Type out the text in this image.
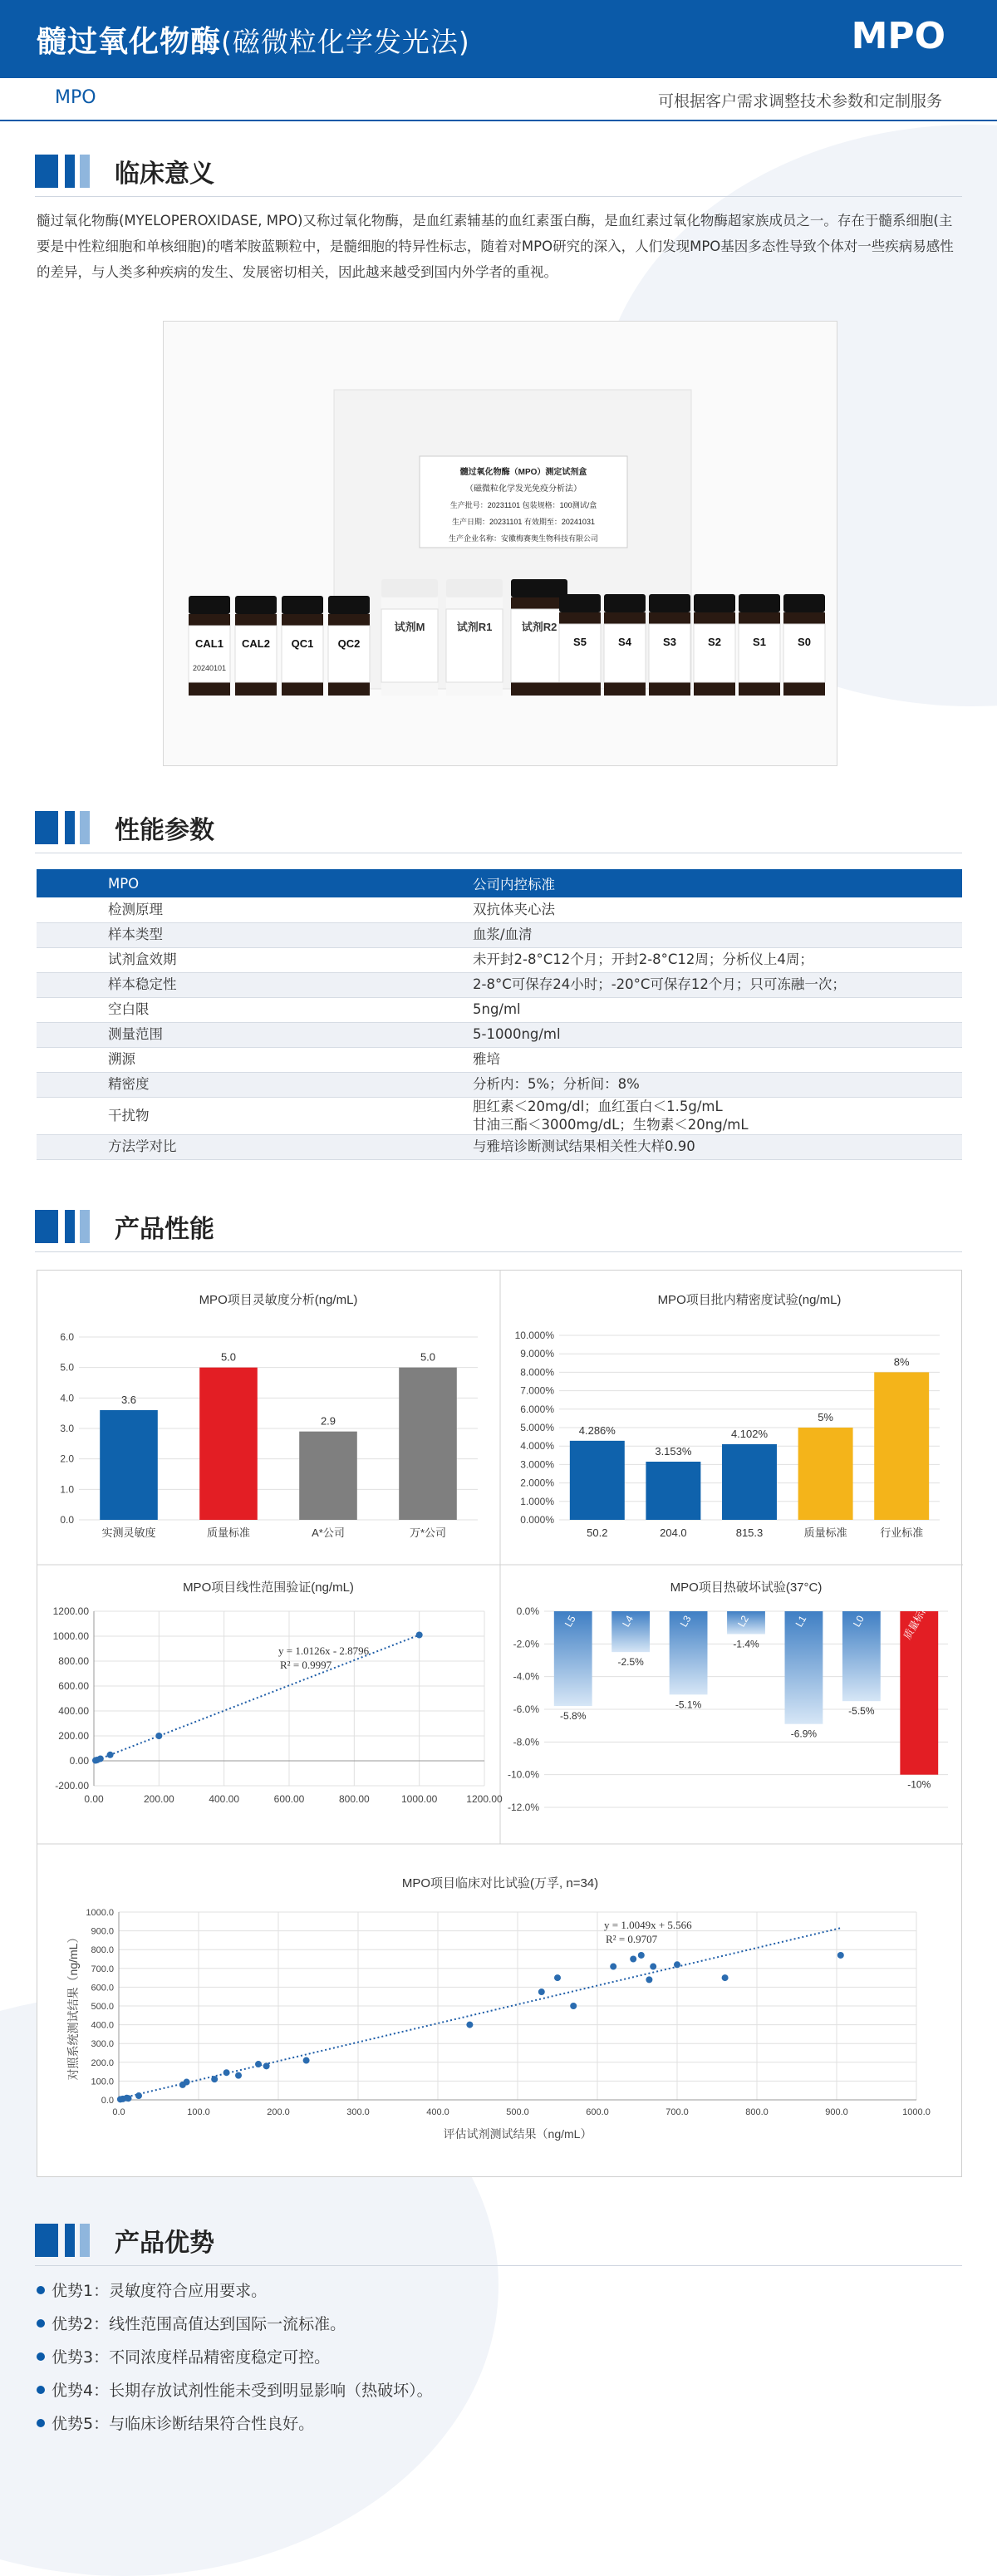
髓过氧化物酶(磁微粒化学发光法)	MPO
MPO	可根据客户需求调整技术参数和定制服务
临床意义
髓过氧化物酶(MYELOPEROXIDASE, MPO)又称过氧化物酶，是血红素辅基的血红素蛋白酶，是血红素过氧化物酶超家族成员之一。存在于髓系细胞(主要是中性粒细胞和单核细胞)的嗜苯胺蓝颗粒中，是髓细胞的特异性标志，随着对MPO研究的深入，人们发现MPO基因多态性导致个体对一些疾病易感性的差异，与人类多种疾病的发生、发展密切相关，因此越来越受到国内外学者的重视。
髓过氧化物酶（MPO）测定试剂盒
（磁微粒化学发光免疫分析法）
生产批号：20231101 包装规格：100测试/盒
生产日期：20231101 有效期至：20241031
生产企业名称：安徽梅赛奥生物科技有限公司
CAL1 CAL2 QC1 QC2
试剂M	试剂R1	试剂R2
S5	S4	S3	S2	S1	S0
20240101
性能参数
MPO	公司内控标准
检测原理	双抗体夹心法
样本类型	血浆/血清
试剂盒效期	未开封2-8°C12个月；开封2-8°C12周；分析仪上4周；
样本稳定性	2-8°C可保存24小时；-20°C可保存12个月；只可冻融一次；
空白限	5ng/ml
测量范围	5-1000ng/ml
溯源	雅培
精密度	分析内：5%；分析间：8%
干扰物	胆红素＜20mg/dl；血红蛋白＜1.5g/mL
甘油三酯＜3000mg/dL；生物素＜20ng/mL
方法学对比	与雅培诊断测试结果相关性大样0.90
产品性能
MPO项目灵敏度分析(ng/mL)
0.0
1.0
2.0
3.0
4.0
5.0
6.0
3.6
实测灵敏度
5.0
质量标准
2.9
A*公司
5.0
万*公司
MPO项目批内精密度试验(ng/mL)
0.000%
1.000%
2.000%
3.000%
4.000%
5.000%
6.000%
7.000%
8.000%
9.000%
10.000%
4.286%
50.2
3.153%
204.0
4.102%
815.3
5%
质量标准
8%
行业标准
MPO项目线性范围验证(ng/mL)
-200.00
0.00
200.00
400.00
600.00
800.00
1000.00
1200.00
0.00	200.00	400.00	600.00	800.00	1000.00	1200.00
y = 1.0126x - 2.8796
R² = 0.9997
MPO项目热破坏试验(37°C)
0.0%
-2.0%
-4.0%
-6.0%
-8.0%
-10.0%
-12.0%
-5.8%
L5
-2.5%
L4
-5.1%
L3
-1.4%
L2
-6.9%
L1
-5.5%
L0
-10%
质量标准
MPO项目临床对比试验(万孚, n=34)
0.0
100.0
200.0
300.0
400.0
500.0
600.0
700.0
800.0
900.0
1000.0
0.0	100.0	200.0	300.0	400.0	500.0	600.0	700.0	800.0	900.0	1000.0
y = 1.0049x + 5.566
R² = 0.9707
评估试剂测试结果（ng/mL）
对照系统测试结果（ng/mL）
产品优势
优势1：灵敏度符合应用要求。
优势2：线性范围高值达到国际一流标准。
优势3：不同浓度样品精密度稳定可控。
优势4：长期存放试剂性能未受到明显影响（热破坏）。
优势5：与临床诊断结果符合性良好。
